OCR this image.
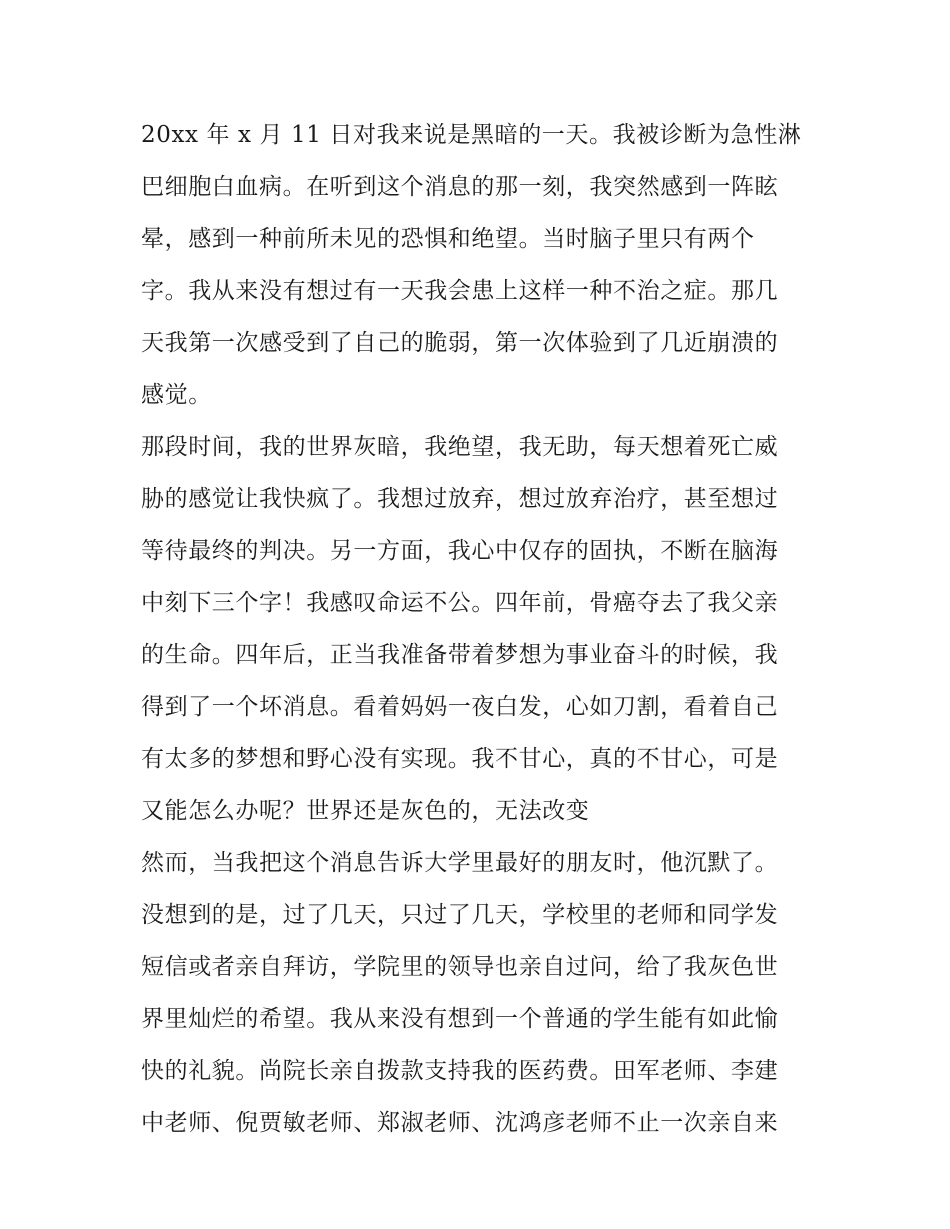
20xx 年 x 月 11 日对我来说是黑暗的一天。我被诊断为急性淋
巴细胞白血病。在听到这个消息的那一刻，我突然感到一阵眩
晕，感到一种前所未见的恐惧和绝望。当时脑子里只有两个
字。我从来没有想过有一天我会患上这样一种不治之症。那几
天我第一次感受到了自己的脆弱，第一次体验到了几近崩溃的
感觉。
那段时间，我的世界灰暗，我绝望，我无助，每天想着死亡威
胁的感觉让我快疯了。我想过放弃，想过放弃治疗，甚至想过
等待最终的判决。另一方面，我心中仅存的固执，不断在脑海
中刻下三个字！我感叹命运不公。四年前，骨癌夺去了我父亲
的生命。四年后，正当我准备带着梦想为事业奋斗的时候，我
得到了一个坏消息。看着妈妈一夜白发，心如刀割，看着自己
有太多的梦想和野心没有实现。我不甘心，真的不甘心，可是
又能怎么办呢？世界还是灰色的，无法改变
然而，当我把这个消息告诉大学里最好的朋友时，他沉默了。
没想到的是，过了几天，只过了几天，学校里的老师和同学发
短信或者亲自拜访，学院里的领导也亲自过问，给了我灰色世
界里灿烂的希望。我从来没有想到一个普通的学生能有如此愉
快的礼貌。尚院长亲自拨款支持我的医药费。田军老师、李建
中老师、倪贾敏老师、郑淑老师、沈鸿彦老师不止一次亲自来
